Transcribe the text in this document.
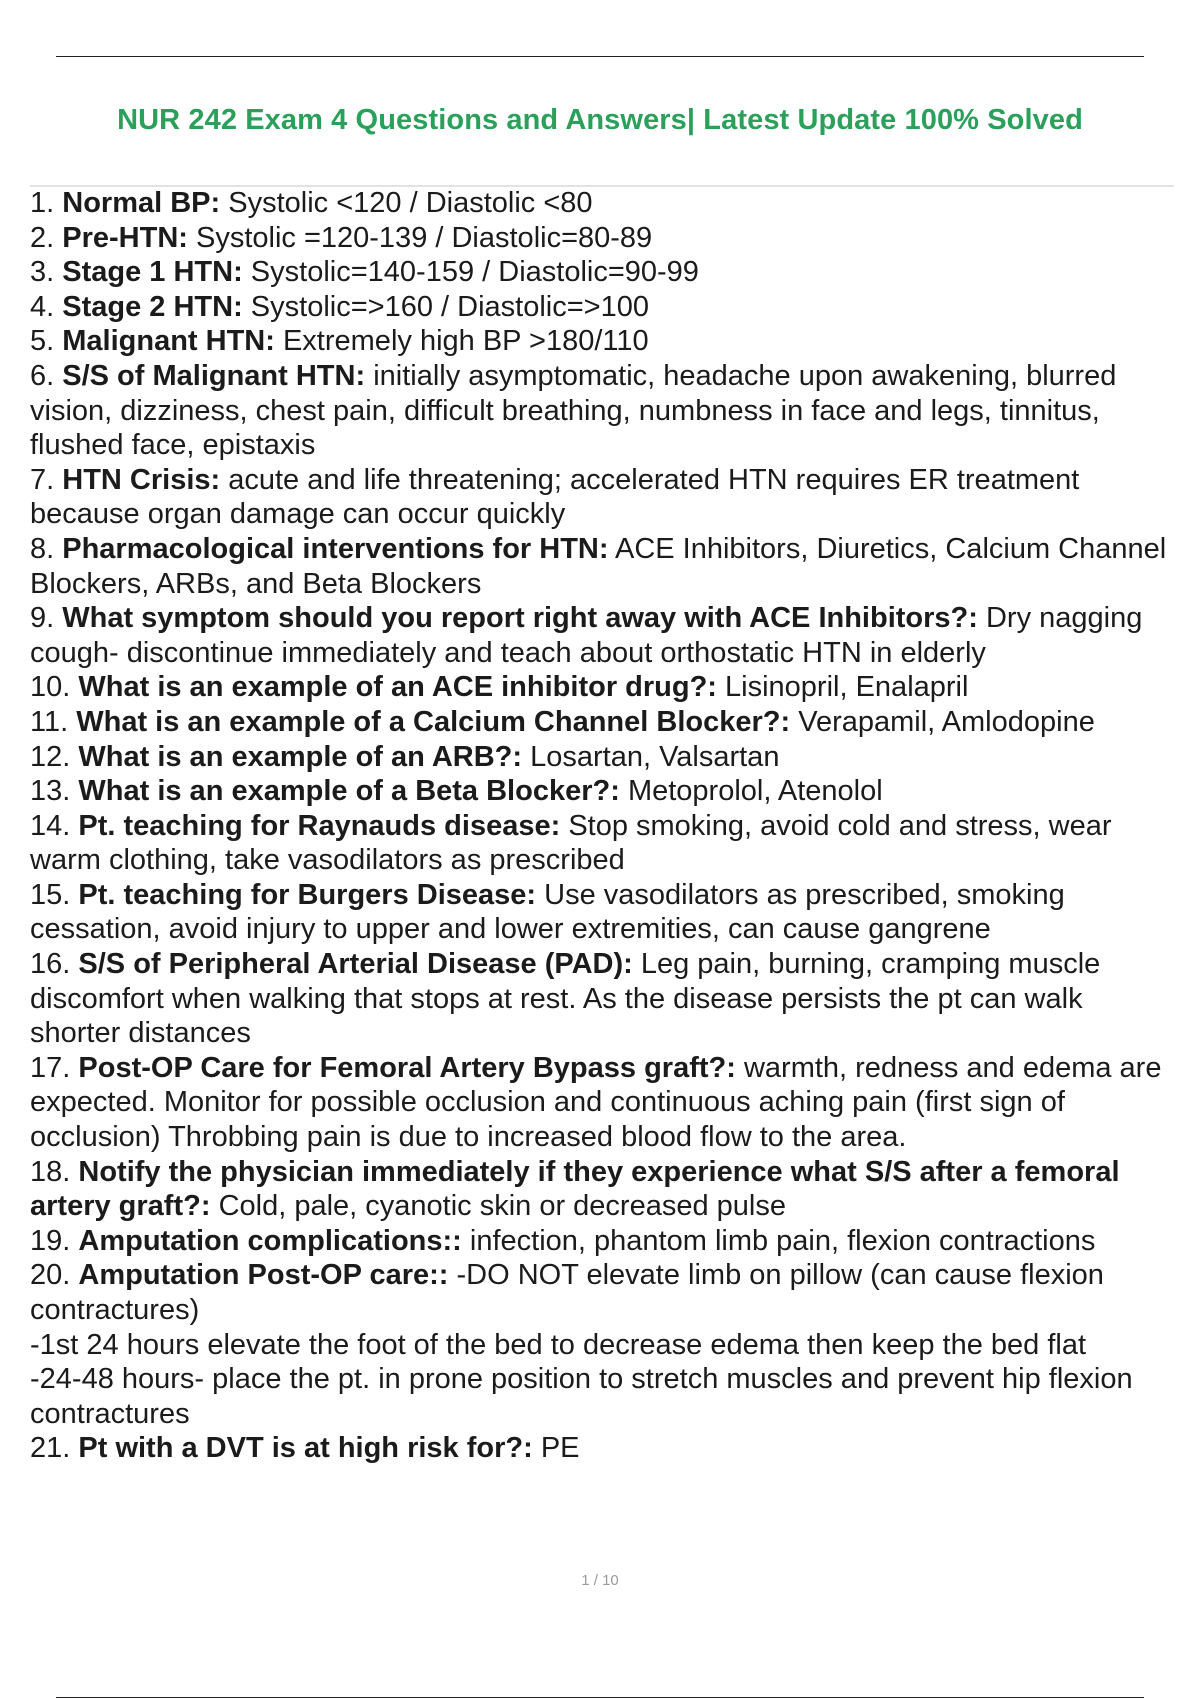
NUR 242 Exam 4 Questions and Answers| Latest Update 100% Solved

1. Normal BP: Systolic <120 / Diastolic <80

2. Pre-HTN: Systolic =120-139 / Diastolic=80-89

3. Stage 1 HTN: Systolic=140-159 / Diastolic=90-99

4. Stage 2 HTN: Systolic=>160 / Diastolic=>100

5. Malignant HTN: Extremely high BP >180/110

6. S/S of Malignant HTN: initially asymptomatic, headache upon awakening, blurred vision, dizziness, chest pain, difficult breathing, numbness in face and legs, tinnitus, flushed face, epistaxis

7. HTN Crisis: acute and life threatening; accelerated HTN requires ER treatment because organ damage can occur quickly

8. Pharmacological interventions for HTN: ACE Inhibitors, Diuretics, Calcium Channel Blockers, ARBs, and Beta Blockers

9. What symptom should you report right away with ACE Inhibitors?: Dry nagging cough- discontinue immediately and teach about orthostatic HTN in elderly

10. What is an example of an ACE inhibitor drug?: Lisinopril, Enalapril

11. What is an example of a Calcium Channel Blocker?: Verapamil, Amlodopine

12. What is an example of an ARB?: Losartan, Valsartan

13. What is an example of a Beta Blocker?: Metoprolol, Atenolol

14. Pt. teaching for Raynauds disease: Stop smoking, avoid cold and stress, wear warm clothing, take vasodilators as prescribed

15. Pt. teaching for Burgers Disease: Use vasodilators as prescribed, smoking cessation, avoid injury to upper and lower extremities, can cause gangrene

16. S/S of Peripheral Arterial Disease (PAD): Leg pain, burning, cramping muscle discomfort when walking that stops at rest. As the disease persists the pt can walk shorter distances

17. Post-OP Care for Femoral Artery Bypass graft?: warmth, redness and edema are expected. Monitor for possible occlusion and continuous aching pain (first sign of occlusion) Throbbing pain is due to increased blood flow to the area.

18. Notify the physician immediately if they experience what S/S after a femoral artery graft?: Cold, pale, cyanotic skin or decreased pulse

19. Amputation complications:: infection, phantom limb pain, flexion contractions

20. Amputation Post-OP care:: -DO NOT elevate limb on pillow (can cause flexion contractures)

-1st 24 hours elevate the foot of the bed to decrease edema then keep the bed flat

-24-48 hours- place the pt. in prone position to stretch muscles and prevent hip flexion contractures

21. Pt with a DVT is at high risk for?: PE

1 / 10
